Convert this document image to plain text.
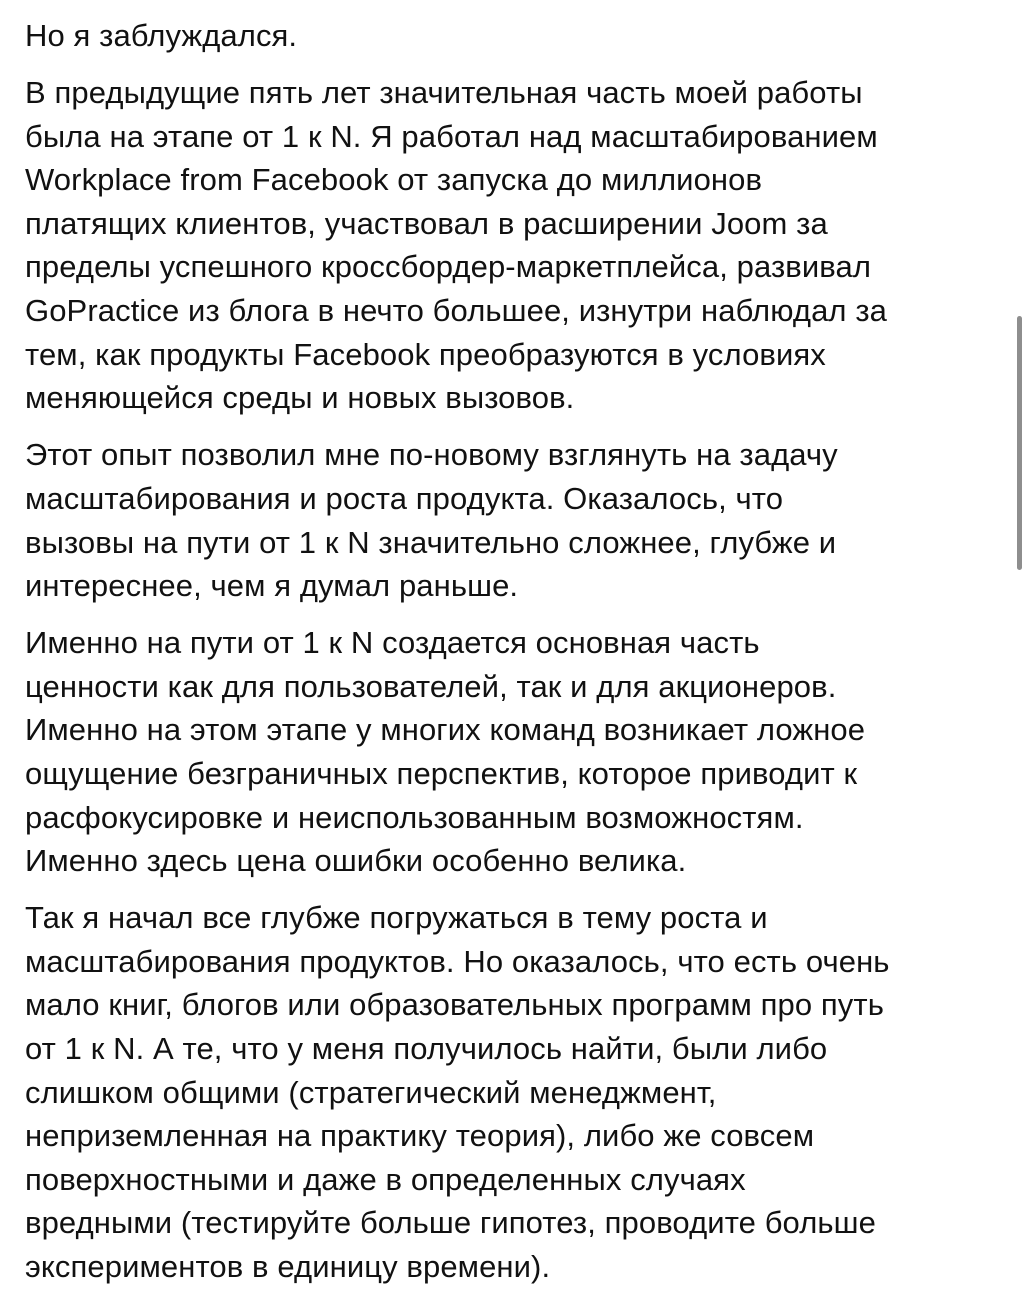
Но я заблуждался.
В предыдущие пять лет значительная часть моей работы
была на этапе от 1 к N. Я работал над масштабированием
Workplace from Facebook от запуска до миллионов
платящих клиентов, участвовал в расширении Joom за
пределы успешного кроссбордер-маркетплейса, развивал
GoPractice из блога в нечто большее, изнутри наблюдал за
тем, как продукты Facebook преобразуются в условиях
меняющейся среды и новых вызовов.
Этот опыт позволил мне по-новому взглянуть на задачу
масштабирования и роста продукта. Оказалось, что
вызовы на пути от 1 к N значительно сложнее, глубже и
интереснее, чем я думал раньше.
Именно на пути от 1 к N создается основная часть
ценности как для пользователей, так и для акционеров.
Именно на этом этапе у многих команд возникает ложное
ощущение безграничных перспектив, которое приводит к
расфокусировке и неиспользованным возможностям.
Именно здесь цена ошибки особенно велика.
Так я начал все глубже погружаться в тему роста и
масштабирования продуктов. Но оказалось, что есть очень
мало книг, блогов или образовательных программ про путь
от 1 к N. А те, что у меня получилось найти, были либо
слишком общими (стратегический менеджмент,
неприземленная на практику теория), либо же совсем
поверхностными и даже в определенных случаях
вредными (тестируйте больше гипотез, проводите больше
экспериментов в единицу времени).
